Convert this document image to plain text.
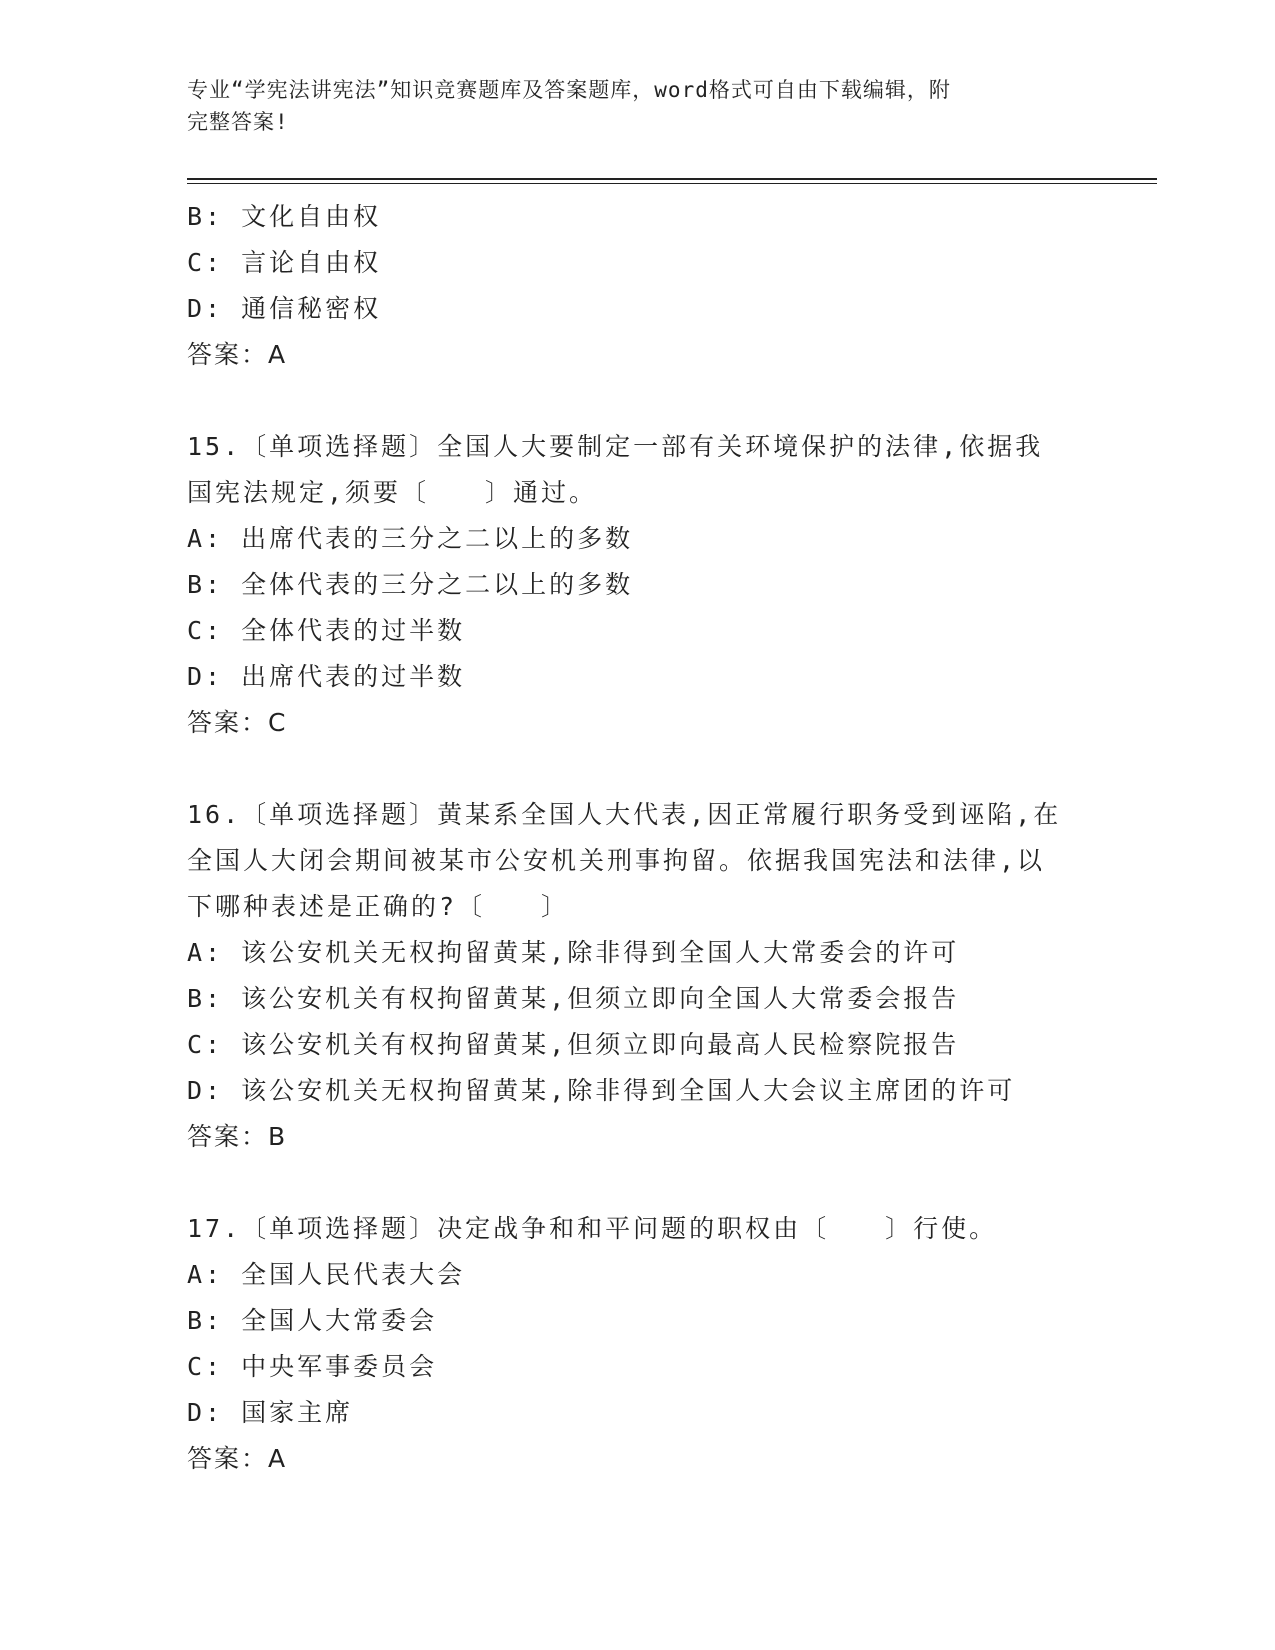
专业“学宪法讲宪法”知识竞赛题库及答案题库，word格式可自由下载编辑，附
完整答案!
B: 文化自由权
C: 言论自由权
D: 通信秘密权
答案：A
15.〔单项选择题〕全国人大要制定一部有关环境保护的法律,依据我
国宪法规定,须要〔　　〕通过。
A: 出席代表的三分之二以上的多数
B: 全体代表的三分之二以上的多数
C: 全体代表的过半数
D: 出席代表的过半数
答案：C
16.〔单项选择题〕黄某系全国人大代表,因正常履行职务受到诬陷,在
全国人大闭会期间被某市公安机关刑事拘留。依据我国宪法和法律,以
下哪种表述是正确的?〔　　〕
A: 该公安机关无权拘留黄某,除非得到全国人大常委会的许可
B: 该公安机关有权拘留黄某,但须立即向全国人大常委会报告
C: 该公安机关有权拘留黄某,但须立即向最高人民检察院报告
D: 该公安机关无权拘留黄某,除非得到全国人大会议主席团的许可
答案：B
17.〔单项选择题〕决定战争和和平问题的职权由〔　　〕行使。
A: 全国人民代表大会
B: 全国人大常委会
C: 中央军事委员会
D: 国家主席
答案：A
